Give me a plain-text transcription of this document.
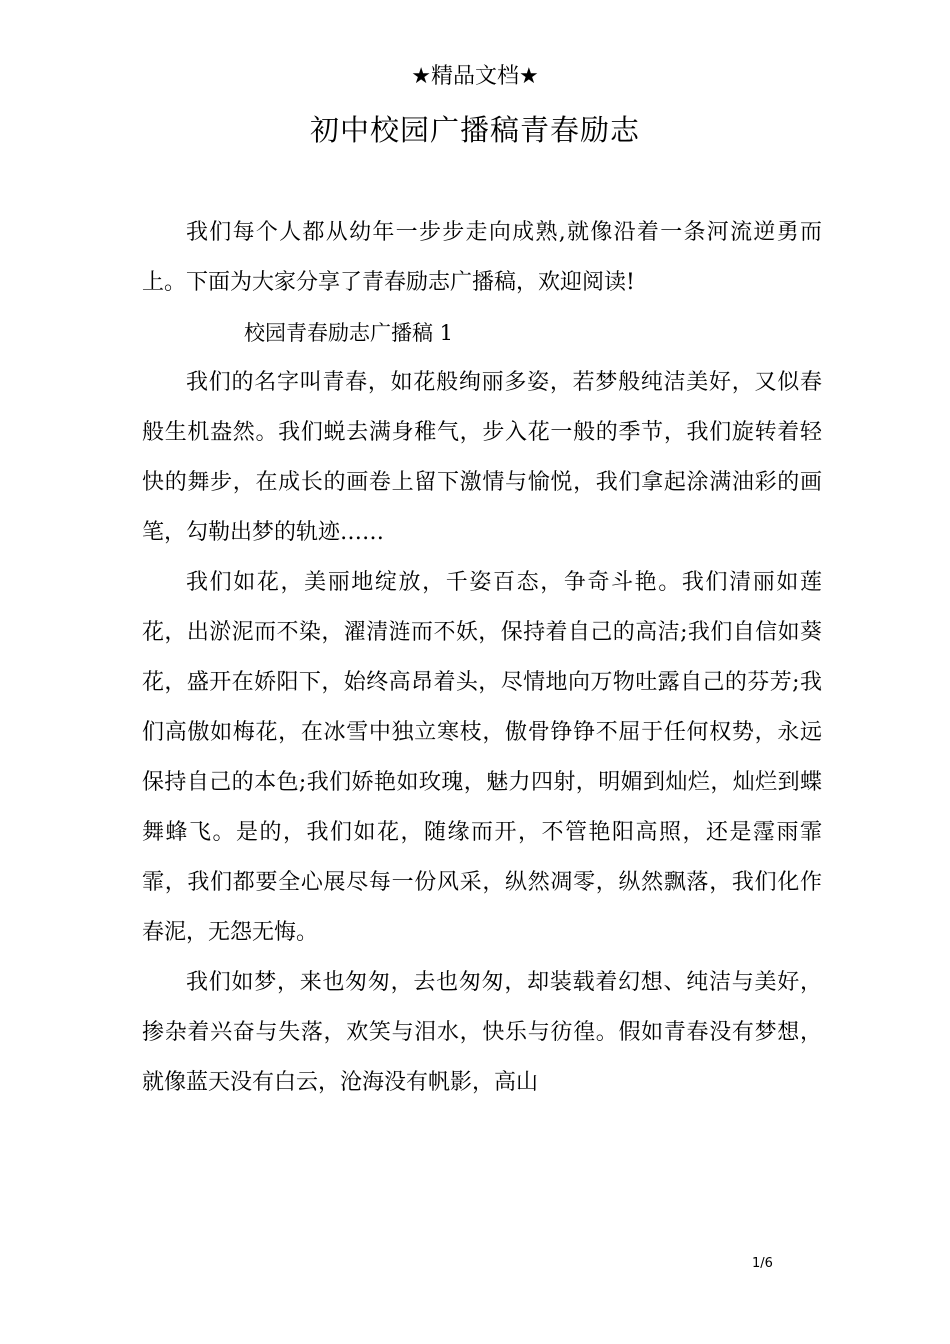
★精品文档★
初中校园广播稿青春励志

我们每个人都从幼年一步步走向成熟,就像沿着一条河流逆勇而上。下面为大家分享了青春励志广播稿，欢迎阅读!

校园青春励志广播稿 1

我们的名字叫青春，如花般绚丽多姿，若梦般纯洁美好，又似春般生机盎然。我们蜕去满身稚气，步入花一般的季节，我们旋转着轻快的舞步，在成长的画卷上留下激情与愉悦，我们拿起涂满油彩的画笔，勾勒出梦的轨迹……

我们如花，美丽地绽放，千姿百态，争奇斗艳。我们清丽如莲花，出淤泥而不染，濯清涟而不妖，保持着自己的高洁;我们自信如葵花，盛开在娇阳下，始终高昂着头，尽情地向万物吐露自己的芬芳;我们高傲如梅花，在冰雪中独立寒枝，傲骨铮铮不屈于任何权势，永远保持自己的本色;我们娇艳如玫瑰，魅力四射，明媚到灿烂，灿烂到蝶舞蜂飞。是的，我们如花，随缘而开，不管艳阳高照，还是霪雨霏霏，我们都要全心展尽每一份风采，纵然凋零，纵然飘落，我们化作春泥，无怨无悔。

我们如梦，来也匆匆，去也匆匆，却装载着幻想、纯洁与美好，掺杂着兴奋与失落，欢笑与泪水，快乐与彷徨。假如青春没有梦想，就像蓝天没有白云，沧海没有帆影，高山

1/6
